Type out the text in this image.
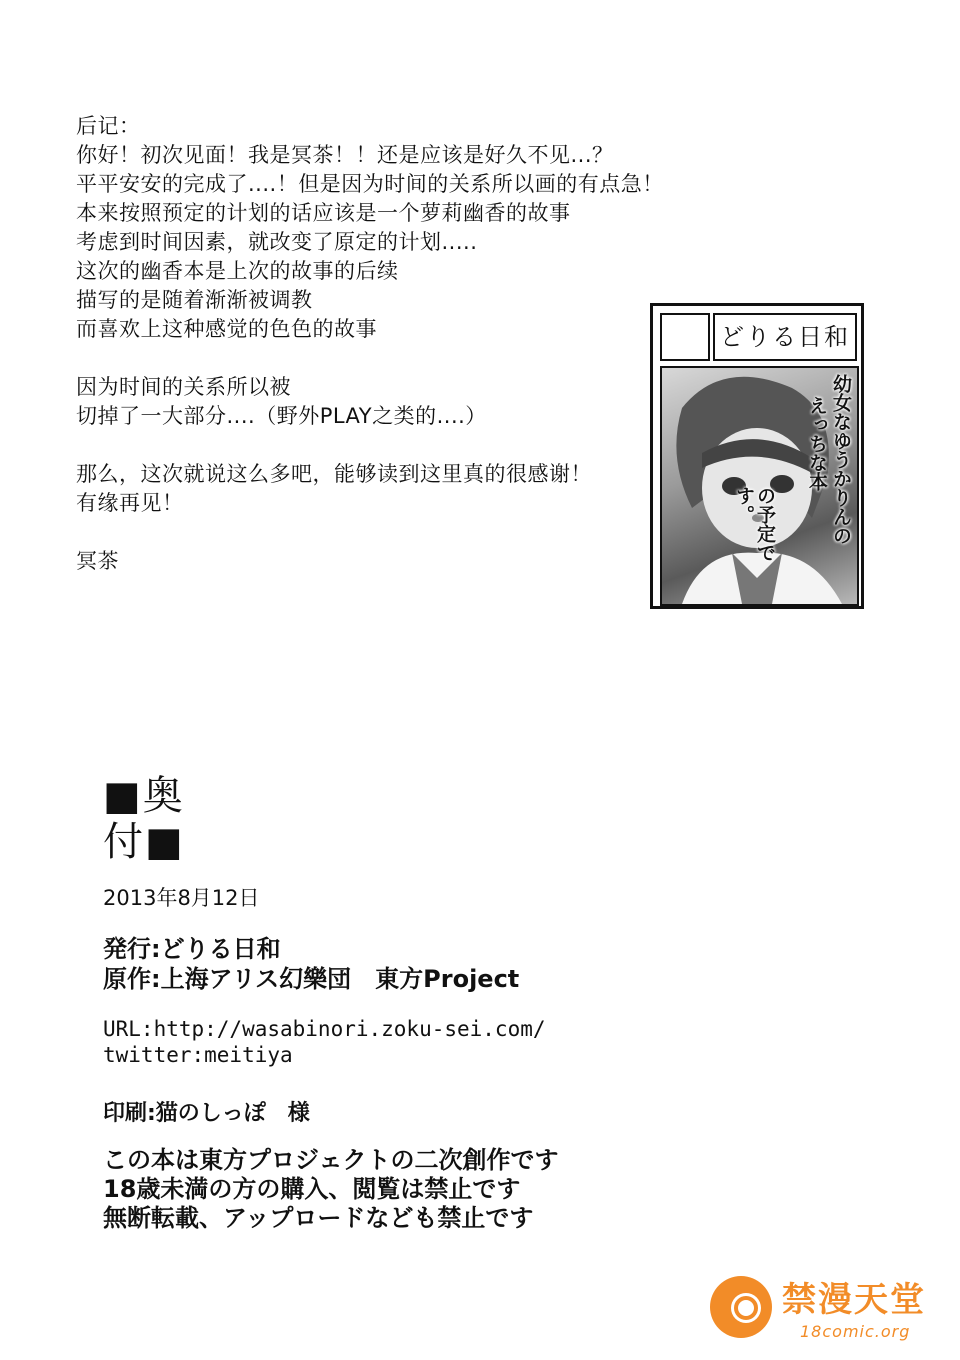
后记：
你好！初次见面！我是冥茶！！还是应该是好久不见...？
平平安安的完成了....！但是因为时间的关系所以画的有点急！
本来按照预定的计划的话应该是一个萝莉幽香的故事
考虑到时间因素，就改变了原定的计划.....
这次的幽香本是上次的故事的后续
描写的是随着渐渐被调教
而喜欢上这种感觉的色色的故事
因为时间的关系所以被
切掉了一大部分....（野外PLAY之类的....）
那么，这次就说这么多吧，能够读到这里真的很感谢！
有缘再见！
冥茶
どりる日和
幼女なゆうかりんの
えっちな本
の予定です。
■奥
付■
2013年8月12日
発行:どりる日和
原作:上海アリス幻樂団　東方Project
URL:http://wasabinori.zoku-sei.com/
twitter:meitiya
印刷:猫のしっぽ　様
この本は東方プロジェクトの二次創作です
18歳未満の方の購入、閲覧は禁止です
無断転載、アップロードなども禁止です
禁漫天堂
18comic.org
